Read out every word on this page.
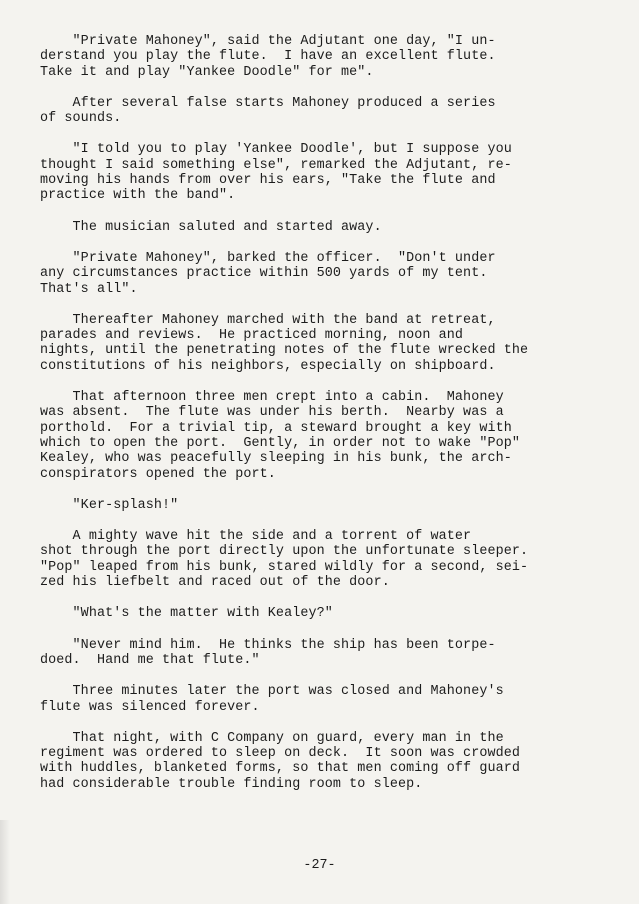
"Private Mahoney", said the Adjutant one day, "I un-
derstand you play the flute.  I have an excellent flute.
Take it and play "Yankee Doodle" for me".

After several false starts Mahoney produced a series
of sounds.

"I told you to play 'Yankee Doodle', but I suppose you
thought I said something else", remarked the Adjutant, re-
moving his hands from over his ears, "Take the flute and
practice with the band".

The musician saluted and started away.

"Private Mahoney", barked the officer.  "Don't under
any circumstances practice within 500 yards of my tent.
That's all".

Thereafter Mahoney marched with the band at retreat,
parades and reviews.  He practiced morning, noon and
nights, until the penetrating notes of the flute wrecked the
constitutions of his neighbors, especially on shipboard.

That afternoon three men crept into a cabin.  Mahoney
was absent.  The flute was under his berth.  Nearby was a
porthold.  For a trivial tip, a steward brought a key with
which to open the port.  Gently, in order not to wake "Pop"
Kealey, who was peacefully sleeping in his bunk, the arch-
conspirators opened the port.

"Ker-splash!"

A mighty wave hit the side and a torrent of water
shot through the port directly upon the unfortunate sleeper.
"Pop" leaped from his bunk, stared wildly for a second, sei-
zed his liefbelt and raced out of the door.

"What's the matter with Kealey?"

"Never mind him.  He thinks the ship has been torpe-
doed.  Hand me that flute."

Three minutes later the port was closed and Mahoney's
flute was silenced forever.

That night, with C Company on guard, every man in the
regiment was ordered to sleep on deck.  It soon was crowded
with huddles, blanketed forms, so that men coming off guard
had considerable trouble finding room to sleep.

-27-
